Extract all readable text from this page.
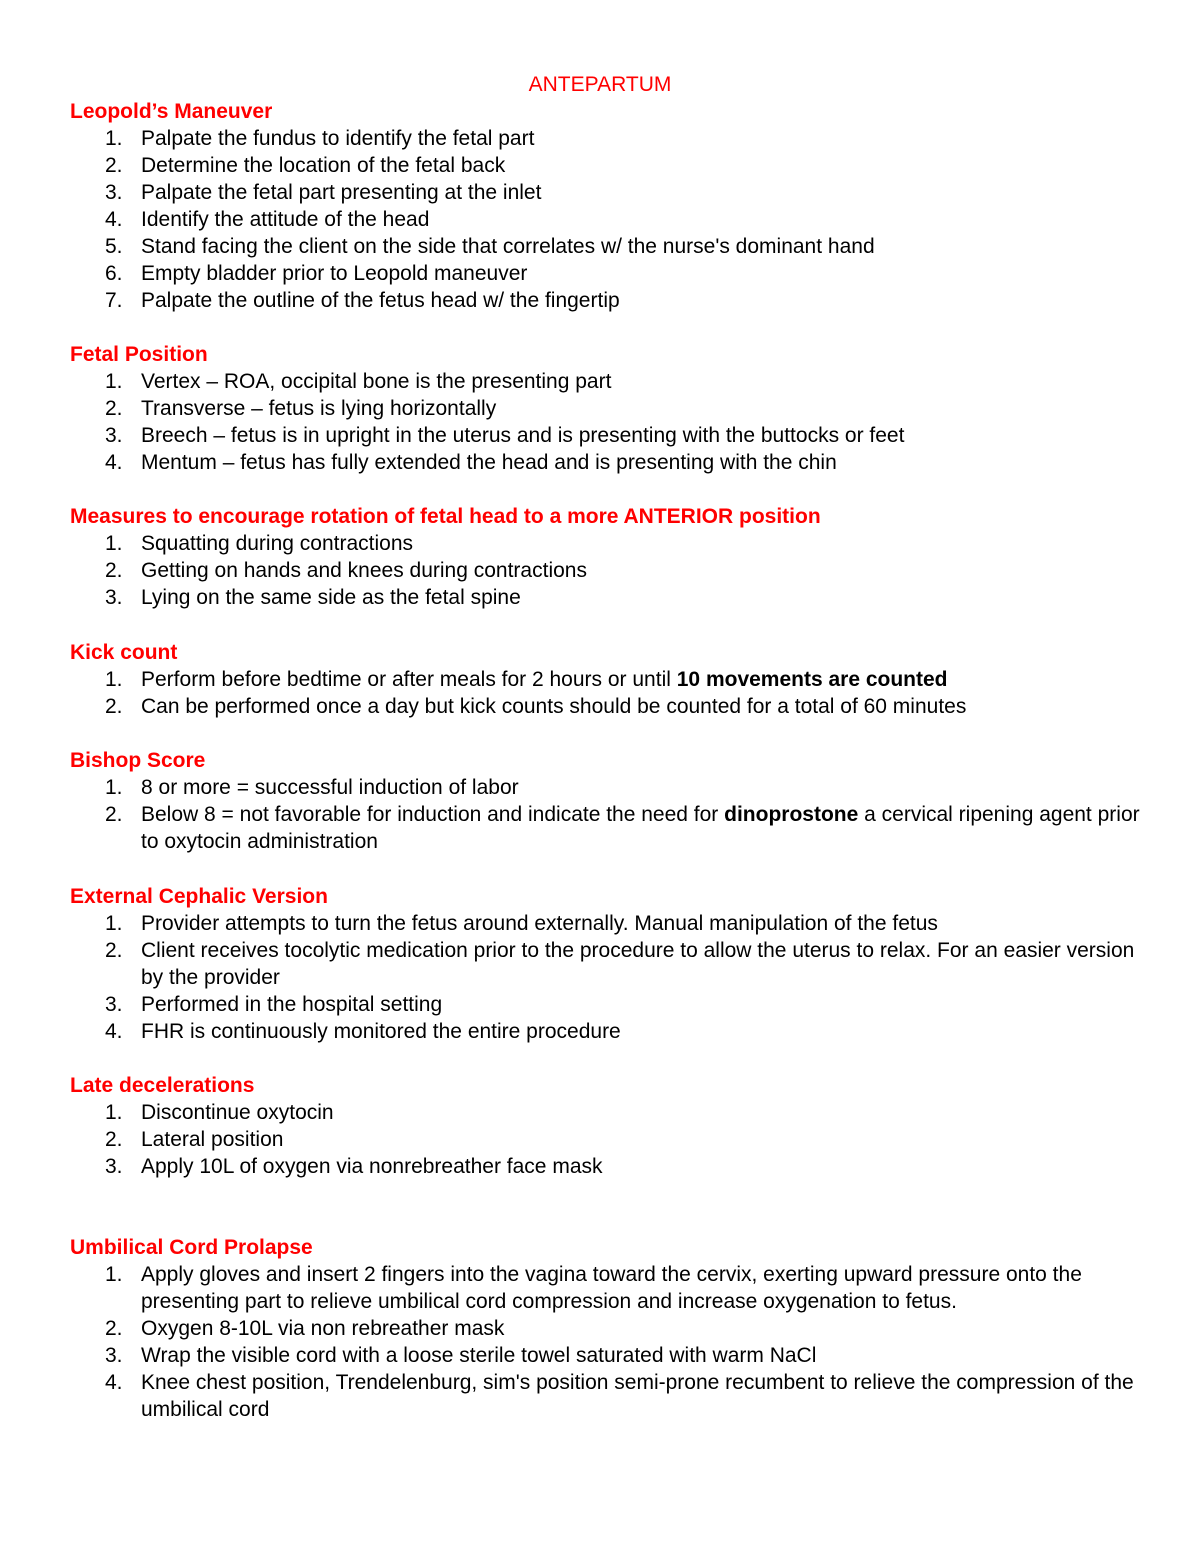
ANTEPARTUM
Leopold’s Maneuver
1. Palpate the fundus to identify the fetal part
2. Determine the location of the fetal back
3. Palpate the fetal part presenting at the inlet
4. Identify the attitude of the head
5. Stand facing the client on the side that correlates w/ the nurse's dominant hand
6. Empty bladder prior to Leopold maneuver
7. Palpate the outline of the fetus head w/ the fingertip
Fetal Position
1. Vertex – ROA, occipital bone is the presenting part
2. Transverse – fetus is lying horizontally
3. Breech – fetus is in upright in the uterus and is presenting with the buttocks or feet
4. Mentum – fetus has fully extended the head and is presenting with the chin
Measures to encourage rotation of fetal head to a more ANTERIOR position
1. Squatting during contractions
2. Getting on hands and knees during contractions
3. Lying on the same side as the fetal spine
Kick count
1. Perform before bedtime or after meals for 2 hours or until 10 movements are counted
2. Can be performed once a day but kick counts should be counted for a total of 60 minutes
Bishop Score
1. 8 or more = successful induction of labor
2. Below 8 = not favorable for induction and indicate the need for dinoprostone a cervical ripening agent prior to oxytocin administration
External Cephalic Version
1. Provider attempts to turn the fetus around externally. Manual manipulation of the fetus
2. Client receives tocolytic medication prior to the procedure to allow the uterus to relax. For an easier version by the provider
3. Performed in the hospital setting
4. FHR is continuously monitored the entire procedure
Late decelerations
1. Discontinue oxytocin
2. Lateral position
3. Apply 10L of oxygen via nonrebreather face mask
Umbilical Cord Prolapse
1. Apply gloves and insert 2 fingers into the vagina toward the cervix, exerting upward pressure onto the presenting part to relieve umbilical cord compression and increase oxygenation to fetus.
2. Oxygen 8-10L via non rebreather mask
3. Wrap the visible cord with a loose sterile towel saturated with warm NaCl
4. Knee chest position, Trendelenburg, sim's position semi-prone recumbent to relieve the compression of the umbilical cord
